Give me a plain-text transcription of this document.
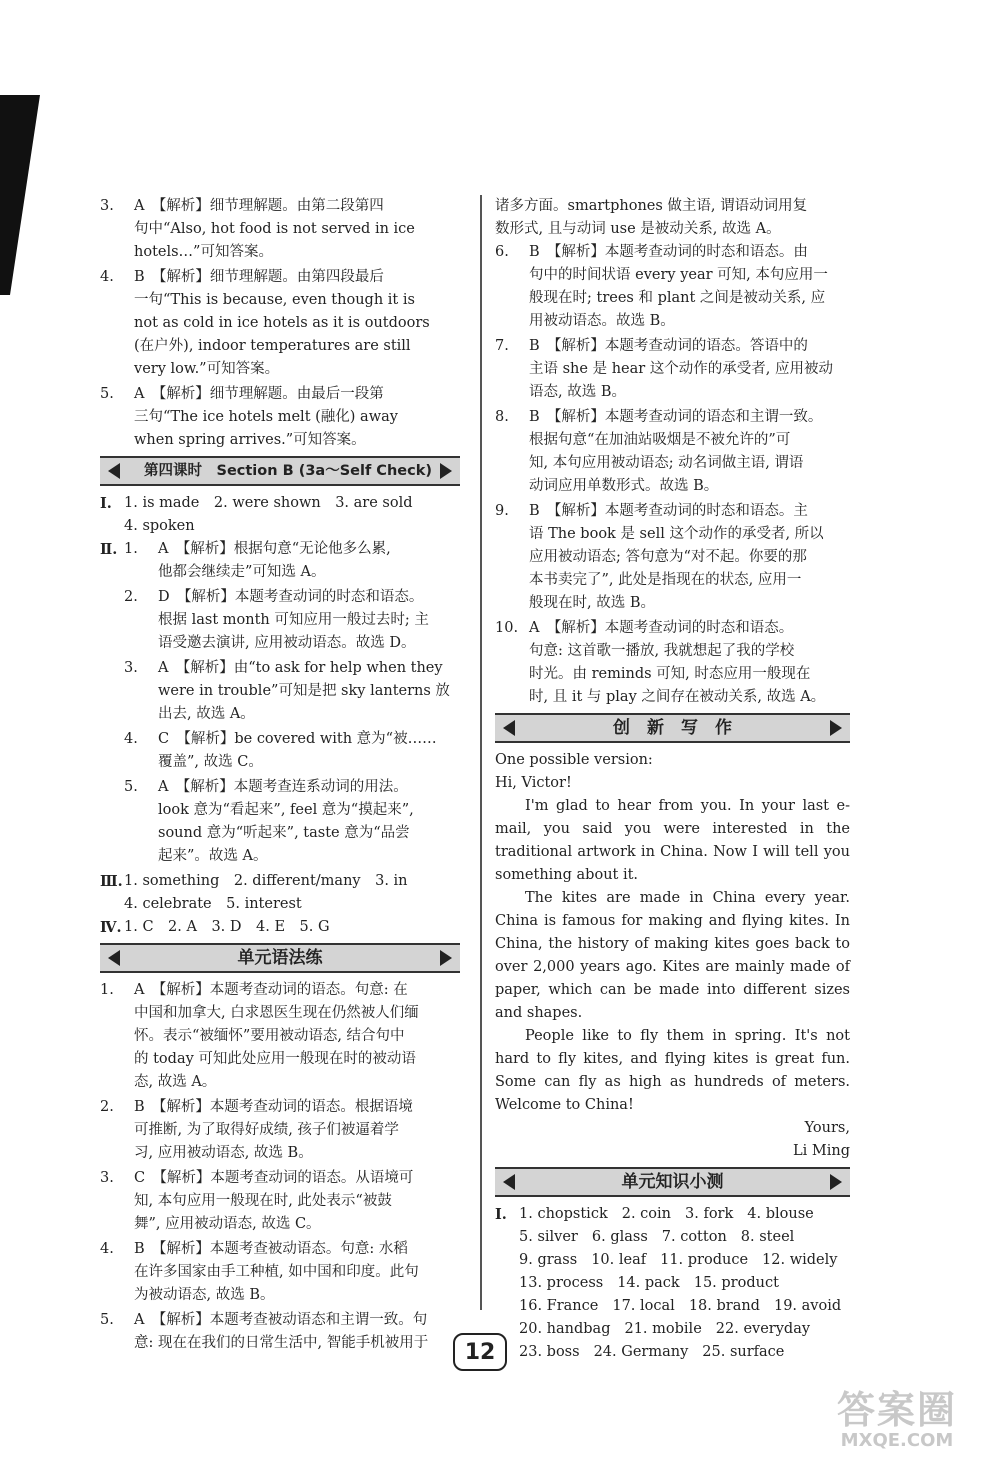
3. A　【解析】细节理解题。由第二段第四
句中“Also, hot food is not served in ice
hotels…”可知答案。
4. B　【解析】细节理解题。由第四段最后
一句“This is because, even though it is
not as cold in ice hotels as it is outdoors
(在户外), indoor temperatures are still
very low.”可知答案。
5. A　【解析】细节理解题。由最后一段第
三句“The ice hotels melt (融化) away
when spring arrives.”可知答案。
第四课时　Section B (3a～Self Check)
Ⅰ. 1. is made　2. were shown　3. are sold
4. spoken
Ⅱ. 1. A　【解析】根据句意“无论他多么累,
他都会继续走”可知选 A。
2. D　【解析】本题考查动词的时态和语态。
根据 last month 可知应用一般过去时; 主
语受邀去演讲, 应用被动语态。故选 D。
3. A　【解析】由“to ask for help when they
were in trouble”可知是把 sky lanterns 放
出去, 故选 A。
4. C　【解析】be covered with 意为“被……
覆盖”, 故选 C。
5. A　【解析】本题考查连系动词的用法。
look 意为“看起来”, feel 意为“摸起来”,
sound 意为“听起来”, taste 意为“品尝
起来”。故选 A。
Ⅲ. 1. something　2. different/many　3. in
4. celebrate　5. interest
Ⅳ. 1. C　2. A　3. D　4. E　5. G
单元语法练
1. A　【解析】本题考查动词的语态。句意: 在
中国和加拿大, 白求恩医生现在仍然被人们缅
怀。表示“被缅怀”要用被动语态, 结合句中
的 today 可知此处应用一般现在时的被动语
态, 故选 A。
2. B　【解析】本题考查动词的语态。根据语境
可推断, 为了取得好成绩, 孩子们被逼着学
习, 应用被动语态, 故选 B。
3. C　【解析】本题考查动词的语态。从语境可
知, 本句应用一般现在时, 此处表示“被鼓
舞”, 应用被动语态, 故选 C。
4. B　【解析】本题考查被动语态。句意: 水稻
在许多国家由手工种植, 如中国和印度。此句
为被动语态, 故选 B。
5. A　【解析】本题考查被动语态和主谓一致。句
意: 现在在我们的日常生活中, 智能手机被用于
诸多方面。smartphones 做主语, 谓语动词用复
数形式, 且与动词 use 是被动关系, 故选 A。
6. B　【解析】本题考查动词的时态和语态。由
句中的时间状语 every year 可知, 本句应用一
般现在时; trees 和 plant 之间是被动关系, 应
用被动语态。故选 B。
7. B　【解析】本题考查动词的语态。答语中的
主语 she 是 hear 这个动作的承受者, 应用被动
语态, 故选 B。
8. B　【解析】本题考查动词的语态和主谓一致。
根据句意“在加油站吸烟是不被允许的”可
知, 本句应用被动语态; 动名词做主语, 谓语
动词应用单数形式。故选 B。
9. B　【解析】本题考查动词的时态和语态。主
语 The book 是 sell 这个动作的承受者, 所以
应用被动语态; 答句意为“对不起。你要的那
本书卖完了”, 此处是指现在的状态, 应用一
般现在时, 故选 B。
10. A　【解析】本题考查动词的时态和语态。
句意: 这首歌一播放, 我就想起了我的学校
时光。由 reminds 可知, 时态应用一般现在
时, 且 it 与 play 之间存在被动关系, 故选 A。
创　新　写　作

One possible version:

Hi, Victor!

I'm glad to hear from you. In your last e-mail, you said you were interested in the traditional artwork in China. Now I will tell you something about it.

The kites are made in China every year. China is famous for making and flying kites. In China, the history of making kites goes back to over 2,000 years ago. Kites are mainly made of paper, which can be made into different sizes and shapes.

People like to fly them in spring. It's not hard to fly kites, and flying kites is great fun. Some can fly as high as hundreds of meters. Welcome to China!

Yours,
Li Ming
单元知识小测
Ⅰ. 1. chopstick 2. coin 3. fork 4. blouse
5. silver 6. glass 7. cotton 8. steel
9. grass 10. leaf 11. produce 12. widely
13. process 14. pack 15. product
16. France 17. local 18. brand 19. avoid
20. handbag 21. mobile 22. everyday
23. boss 24. Germany 25. surface
12
答案圈
MXQE.COM
